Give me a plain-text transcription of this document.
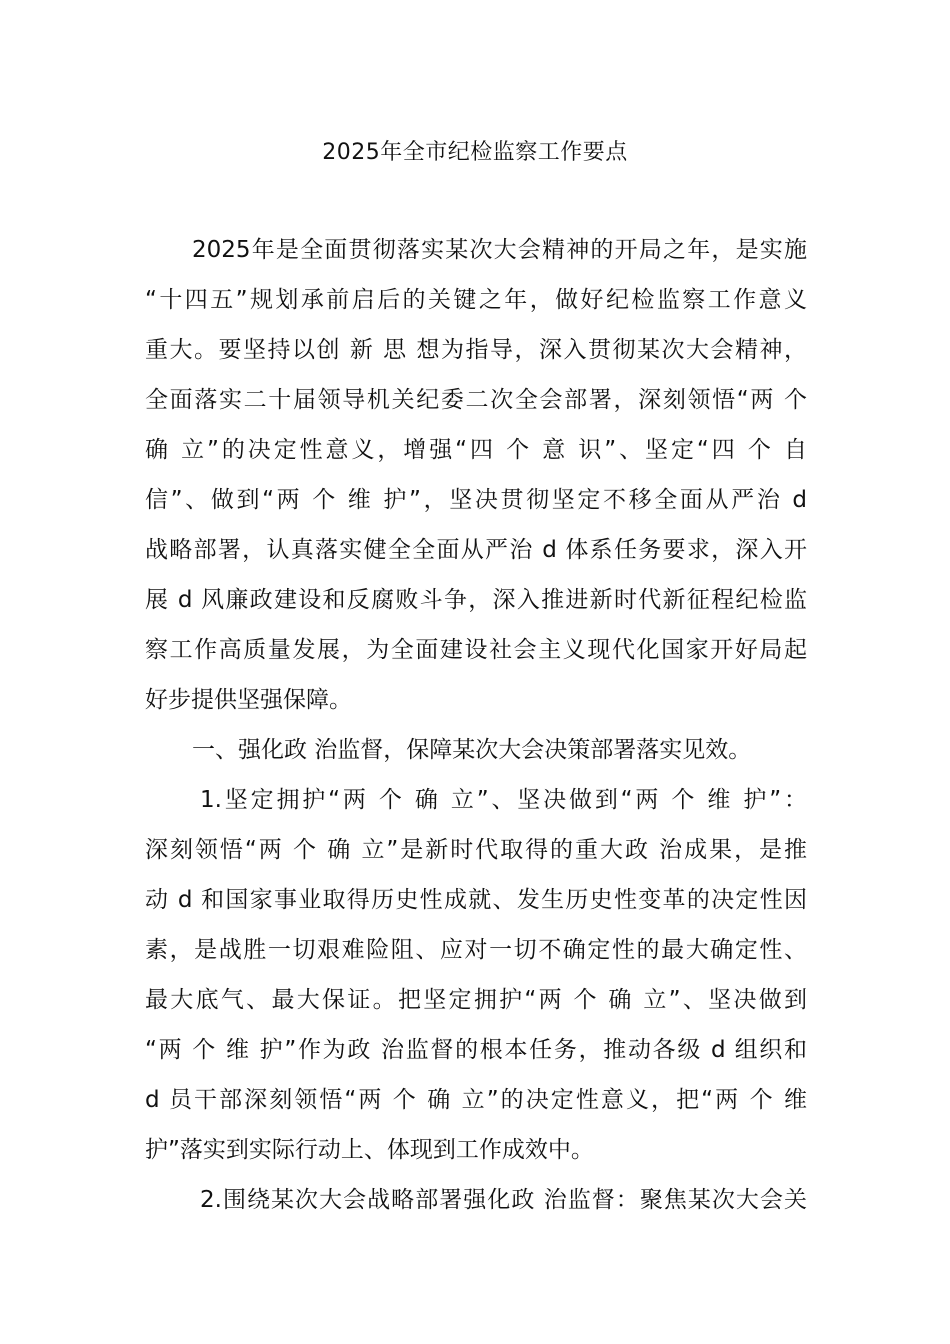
2025年全市纪检监察工作要点
2025年是全面贯彻落实某次大会精神的开局之年，是实施
“十四五”规划承前启后的关键之年，做好纪检监察工作意义
重大。要坚持以创 新 思 想为指导，深入贯彻某次大会精神，
全面落实二十届领导机关纪委二次全会部署，深刻领悟“两 个
确 立”的决定性意义，增强“四 个 意 识”、坚定“四 个 自
信”、做到“两 个 维 护”，坚决贯彻坚定不移全面从严治 d
战略部署，认真落实健全全面从严治 d 体系任务要求，深入开
展 d 风廉政建设和反腐败斗争，深入推进新时代新征程纪检监
察工作高质量发展，为全面建设社会主义现代化国家开好局起
好步提供坚强保障。
一、强化政 治监督，保障某次大会决策部署落实见效。
1.坚定拥护“两 个 确 立”、坚决做到“两 个 维 护”：
深刻领悟“两 个 确 立”是新时代取得的重大政 治成果，是推
动 d 和国家事业取得历史性成就、发生历史性变革的决定性因
素，是战胜一切艰难险阻、应对一切不确定性的最大确定性、
最大底气、最大保证。把坚定拥护“两 个 确 立”、坚决做到
“两 个 维 护”作为政 治监督的根本任务，推动各级 d 组织和
d 员干部深刻领悟“两 个 确 立”的决定性意义，把“两 个 维
护”落实到实际行动上、体现到工作成效中。
2.围绕某次大会战略部署强化政 治监督：聚焦某次大会关
